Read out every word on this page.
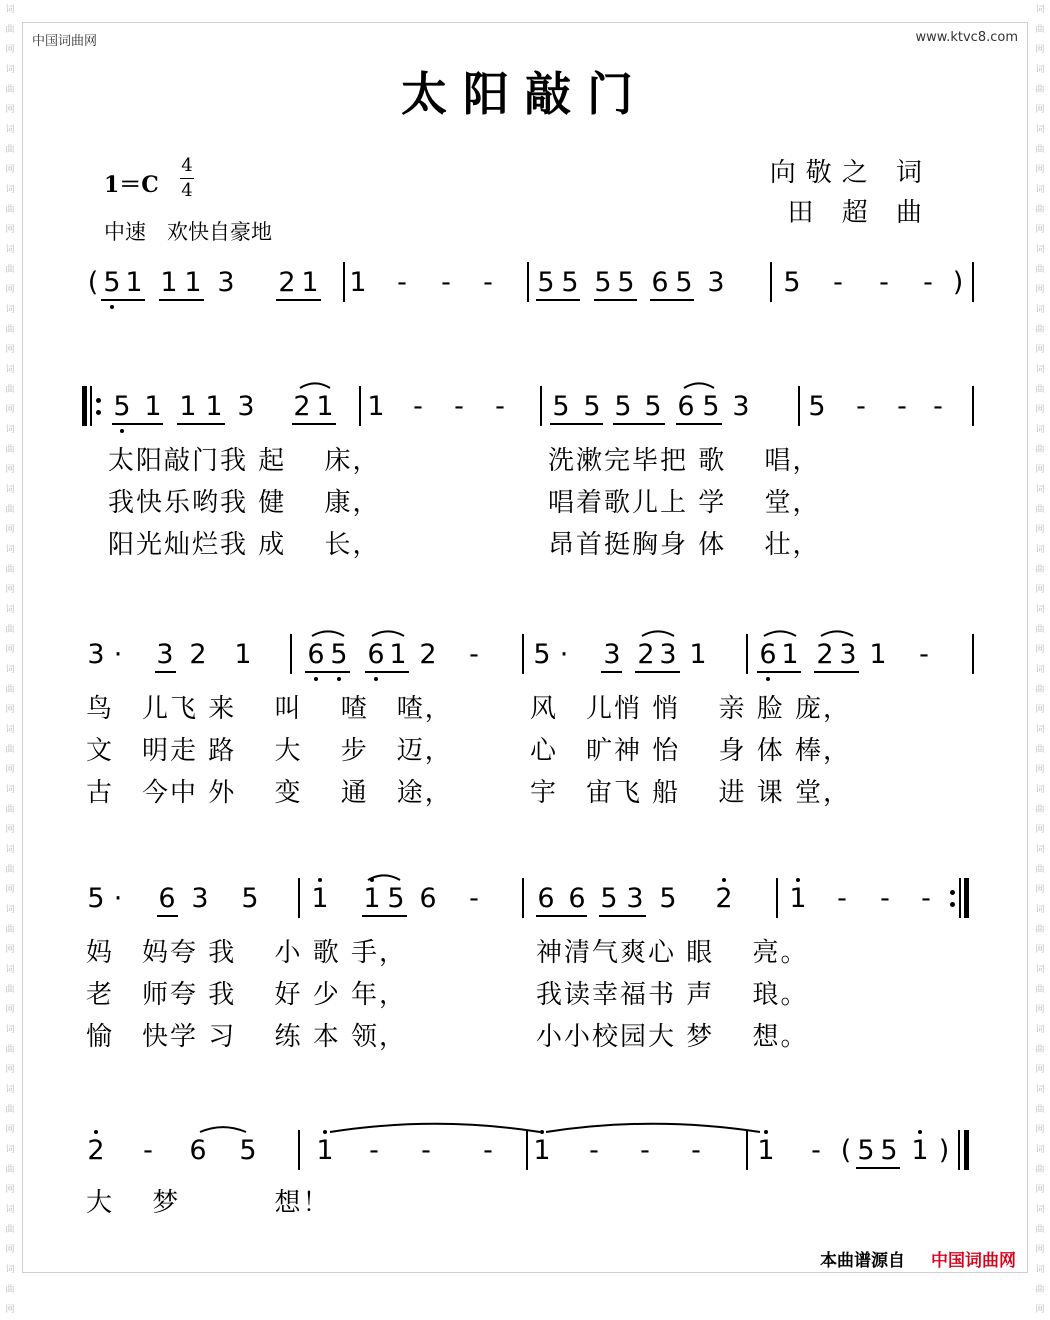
词
曲
网
词
曲
网
词
曲
网
词
曲
网
词
曲
网
词
曲
网
词
曲
网
词
曲
网
词
曲
网
词
曲
网
词
曲
网
词
曲
网
词
曲
网
词
曲
网
词
曲
网
词
曲
网
词
曲
网
词
曲
网
词
曲
网
词
曲
网
词
曲
网
词
曲
网
词
曲
网
词
曲
网
词
曲
网
词
曲
网
词
曲
网
词
曲
网
词
曲
网
词
曲
网
词
曲
网
词
曲
网
词
曲
网
词
曲
网
词
曲
网
词
曲
网
词
曲
网
词
曲
网
词
曲
网
词
曲
网
词
曲
网
词
曲
网
词
曲
网
词
曲
网
中国词曲网	www.ktvc8.com
太阳敲门
1＝C
4
4
中速　欢快自豪地
向敬之 词
田 超 曲
( 5 1 1 1 3 2 1 1 - - - 5 5 5 5 6 5 3 5 - - - )
5 1 1 1 3 2 1 1 - - - 5 5 5 5 6 5 3 5 - - -
太阳敲门我 起　 床，	洗漱完毕把 歌　 唱，
我快乐哟我 健　 康，	唱着歌儿上 学　 堂，
阳光灿烂我 成　 长，	昂首挺胸身 体　 壮，
3 · 3 2 1 6 5 6 1 2 - 5 · 3 2 3 1 6 1 2 3 1 -
鸟　儿飞 来　 叫　 喳　喳，	风　儿悄 悄　 亲 脸 庞，
文　明走 路　 大　 步　迈，	心　旷神 怡　 身 体 棒，
古　今中 外　 变　 通　途，	宇　宙飞 船　 进 课 堂，
5 · 6 3 5 1 1 5 6 - 6 6 5 3 5 2 1 - - -
妈　妈夸 我　 小 歌 手，	神清气爽心 眼　 亮。
老　师夸 我　 好 少 年，	我读幸福书 声　 琅。
愉　快学 习　 练 本 领，	小小校园大 梦　 想。
2 - 6 5 1 - - - 1 - - - 1 - ( 5 5 1 )
大　 梦　　　 想！
本曲谱源自 中国词曲网
